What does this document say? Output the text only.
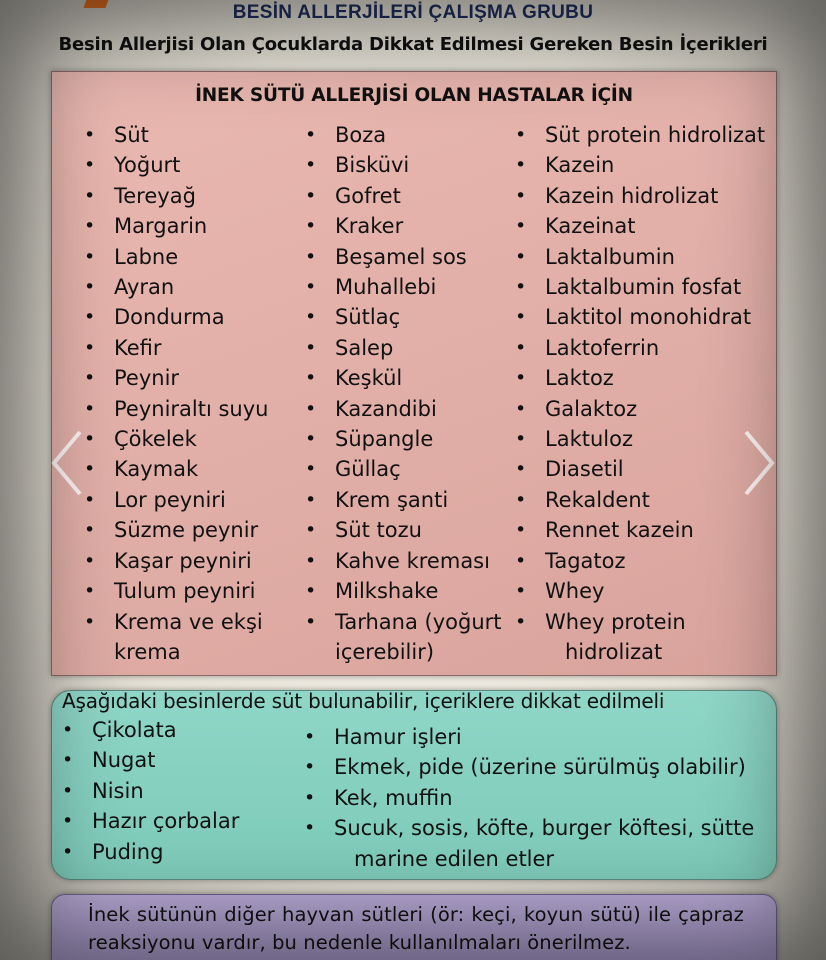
BESİN ALLERJİLERİ ÇALIŞMA GRUBU
Besin Allerjisi Olan Çocuklarda Dikkat Edilmesi Gereken Besin İçerikleri
İNEK SÜTÜ ALLERJİSİ OLAN HASTALAR İÇİN
• Süt
• Yoğurt
• Tereyağ
• Margarin
• Labne
• Ayran
• Dondurma
• Kefir
• Peynir
• Peyniraltı suyu
• Çökelek
• Kaymak
• Lor peyniri
• Süzme peynir
• Kaşar peyniri
• Tulum peyniri
• Krema ve ekşi
krema
• Boza
• Bisküvi
• Gofret
• Kraker
• Beşamel sos
• Muhallebi
• Sütlaç
• Salep
• Keşkül
• Kazandibi
• Süpangle
• Güllaç
• Krem şanti
• Süt tozu
• Kahve kreması
• Milkshake
• Tarhana (yoğurt
içerebilir)
• Süt protein hidrolizat
• Kazein
• Kazein hidrolizat
• Kazeinat
• Laktalbumin
• Laktalbumin fosfat
• Laktitol monohidrat
• Laktoferrin
• Laktoz
• Galaktoz
• Laktuloz
• Diasetil
• Rekaldent
• Rennet kazein
• Tagatoz
• Whey
• Whey protein

hidrolizat
Aşağıdaki besinlerde süt bulunabilir, içeriklere dikkat edilmeli
• Çikolata
• Nugat
• Nisin
• Hazır çorbalar
• Puding
• Hamur işleri
• Ekmek, pide (üzerine sürülmüş olabilir)
• Kek, muffin
• Sucuk, sosis, köfte, burger köftesi, sütte

marine edilen etler
İnek sütünün diğer hayvan sütleri (ör: keçi, koyun sütü) ile çapraz reaksiyonu vardır, bu nedenle kullanılmaları önerilmez.
